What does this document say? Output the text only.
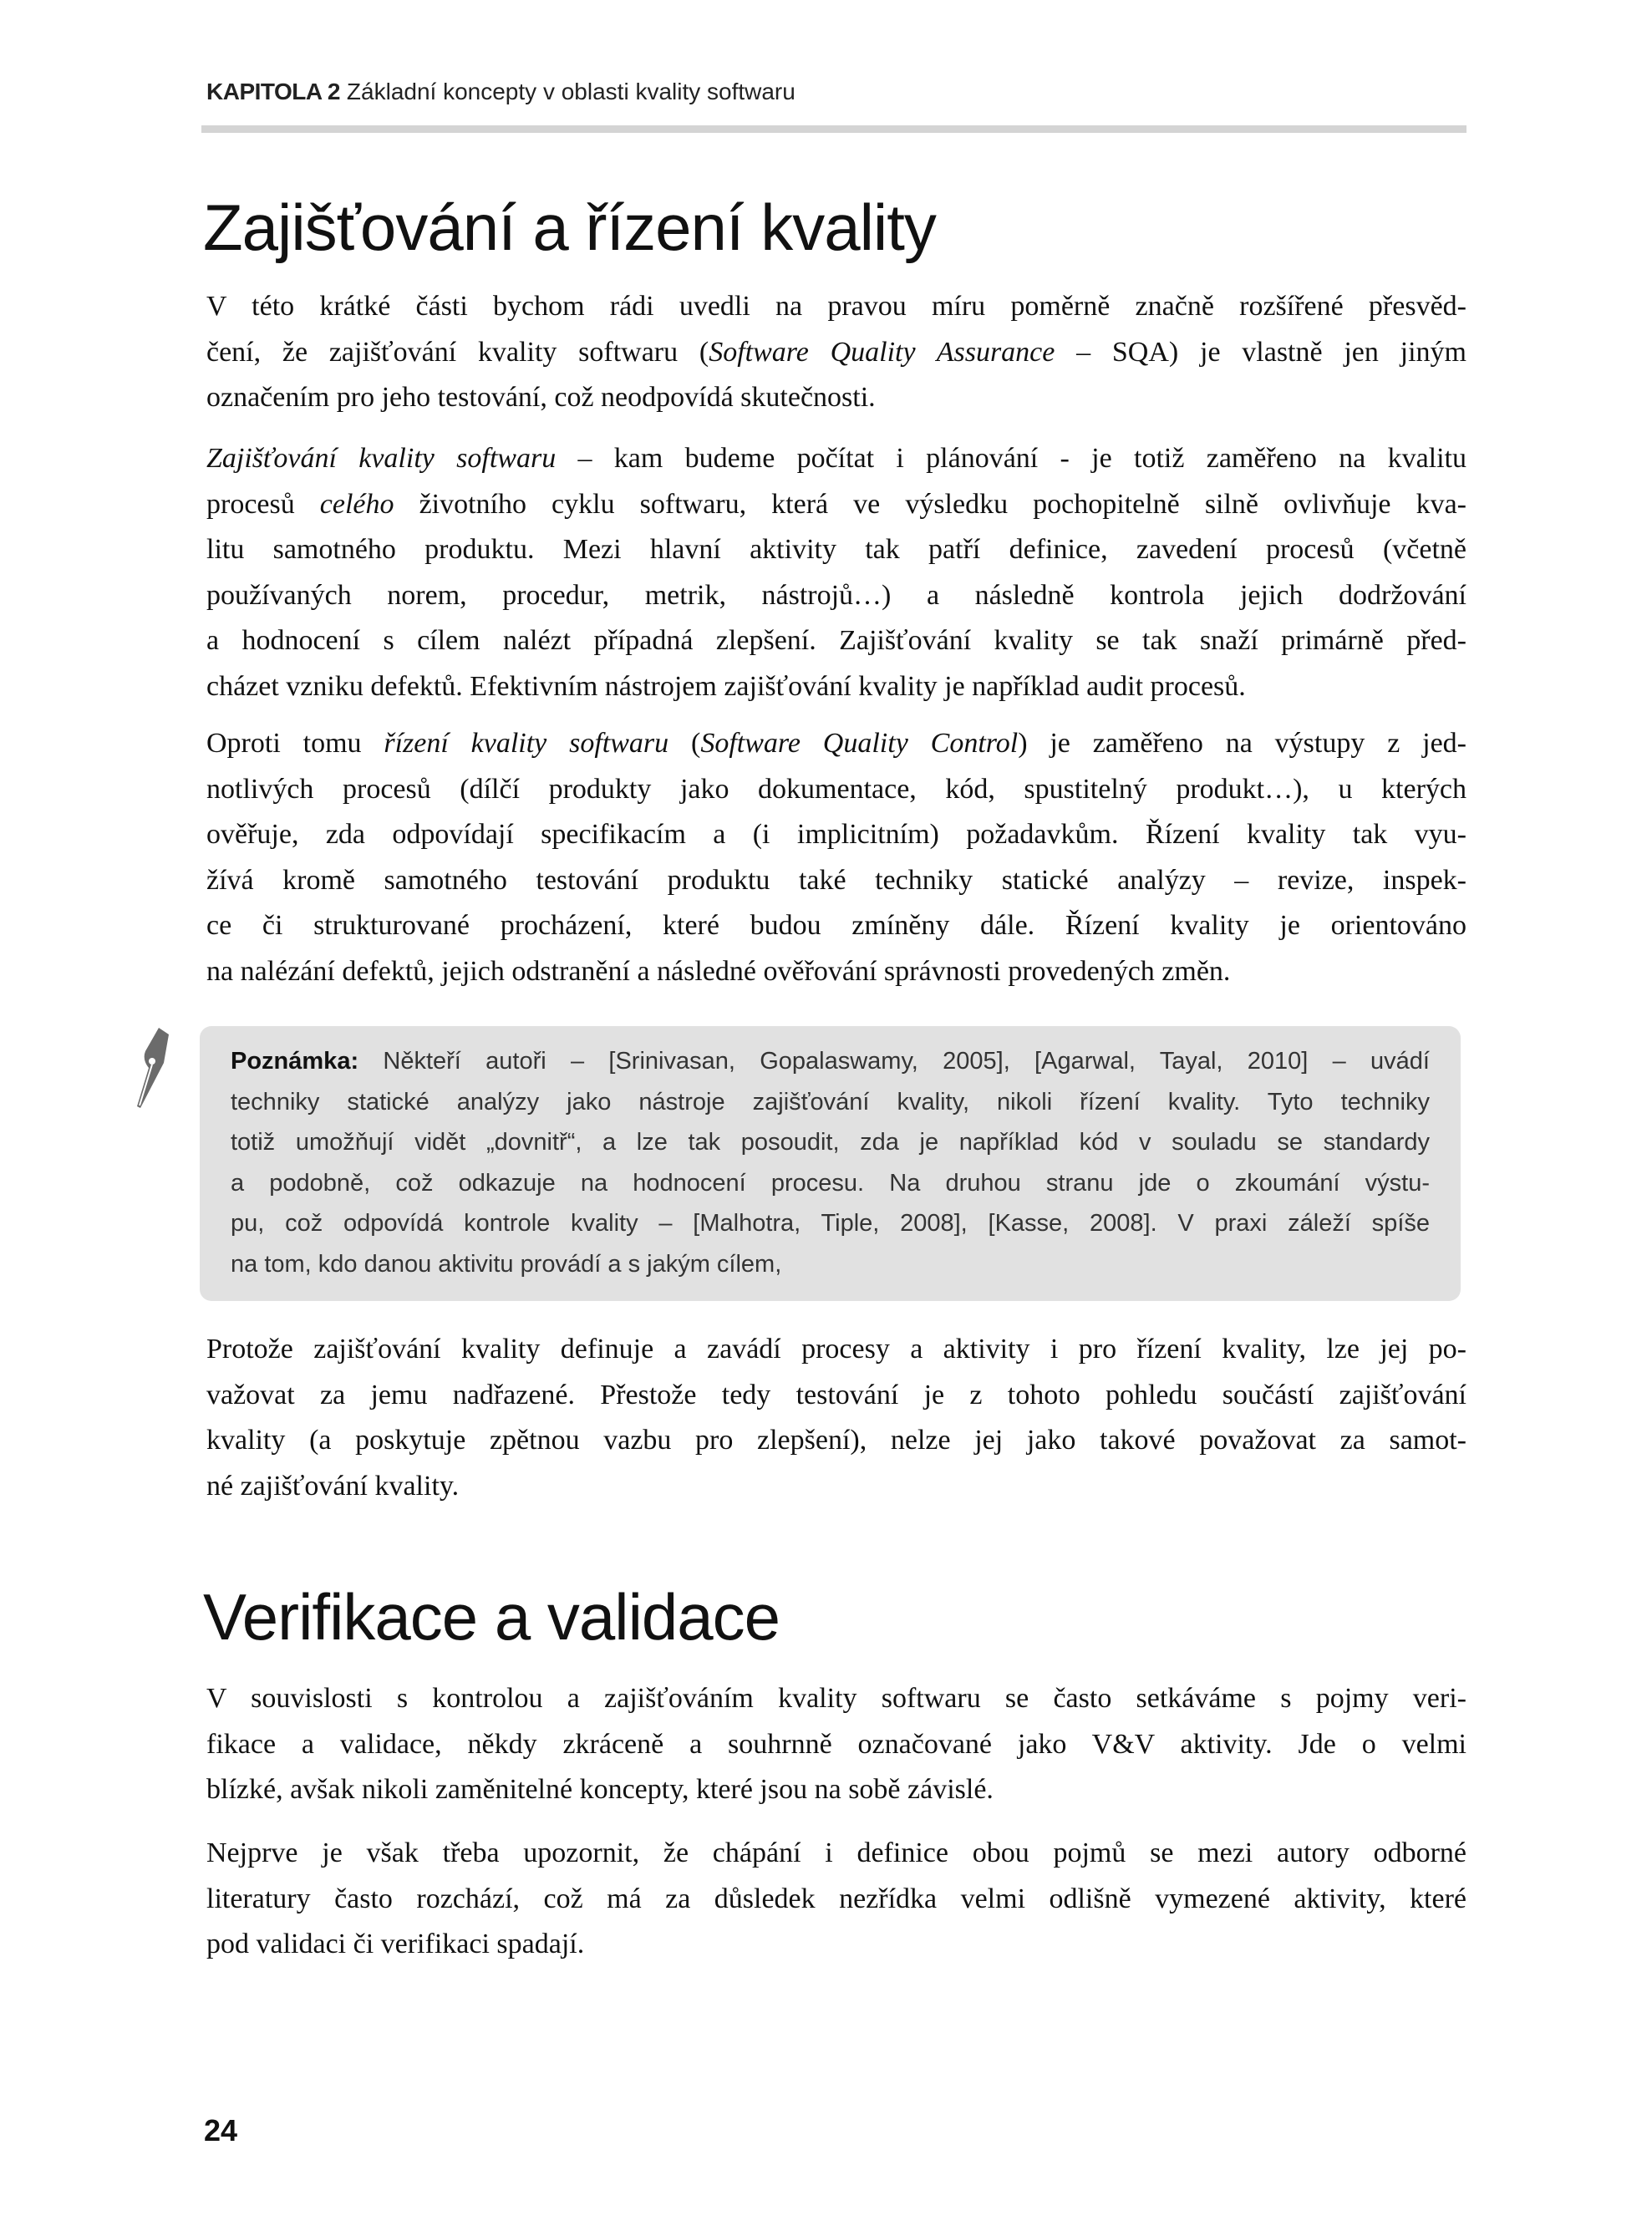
KAPITOLA 2 Základní koncepty v oblasti kvality softwaru
Zajišťování a řízení kvality
V této krátké části bychom rádi uvedli na pravou míru poměrně značně rozšířené přesvěd-
čení, že zajišťování kvality softwaru (Software Quality Assurance – SQA) je vlastně jen jiným
označením pro jeho testování, což neodpovídá skutečnosti.
Zajišťování kvality softwaru – kam budeme počítat i plánování - je totiž zaměřeno na kvalitu
procesů celého životního cyklu softwaru, která ve výsledku pochopitelně silně ovlivňuje kva-
litu samotného produktu. Mezi hlavní aktivity tak patří definice, zavedení procesů (včetně
používaných norem, procedur, metrik, nástrojů…) a následně kontrola jejich dodržování
a hodnocení s cílem nalézt případná zlepšení. Zajišťování kvality se tak snaží primárně před-
cházet vzniku defektů. Efektivním nástrojem zajišťování kvality je například audit procesů.
Oproti tomu řízení kvality softwaru (Software Quality Control) je zaměřeno na výstupy z jed-
notlivých procesů (dílčí produkty jako dokumentace, kód, spustitelný produkt…), u kterých
ověřuje, zda odpovídají specifikacím a (i implicitním) požadavkům. Řízení kvality tak vyu-
žívá kromě samotného testování produktu také techniky statické analýzy – revize, inspek-
ce či strukturované procházení, které budou zmíněny dále. Řízení kvality je orientováno
na nalézání defektů, jejich odstranění a následné ověřování správnosti provedených změn.
Poznámka: Někteří autoři – [Srinivasan, Gopalaswamy, 2005], [Agarwal, Tayal, 2010] – uvádí
techniky statické analýzy jako nástroje zajišťování kvality, nikoli řízení kvality. Tyto techniky
totiž umožňují vidět „dovnitř“, a lze tak posoudit, zda je například kód v souladu se standardy
a podobně, což odkazuje na hodnocení procesu. Na druhou stranu jde o zkoumání výstu-
pu, což odpovídá kontrole kvality – [Malhotra, Tiple, 2008], [Kasse, 2008]. V praxi záleží spíše
na tom, kdo danou aktivitu provádí a s jakým cílem,
Protože zajišťování kvality definuje a zavádí procesy a aktivity i pro řízení kvality, lze jej po-
važovat za jemu nadřazené. Přestože tedy testování je z tohoto pohledu součástí zajišťování
kvality (a poskytuje zpětnou vazbu pro zlepšení), nelze jej jako takové považovat za samot-
né zajišťování kvality.
Verifikace a validace
V souvislosti s kontrolou a zajišťováním kvality softwaru se často setkáváme s pojmy veri-
fikace a validace, někdy zkráceně a souhrnně označované jako V&V aktivity. Jde o velmi
blízké, avšak nikoli zaměnitelné koncepty, které jsou na sobě závislé.
Nejprve je však třeba upozornit, že chápání i definice obou pojmů se mezi autory odborné
literatury často rozchází, což má za důsledek nezřídka velmi odlišně vymezené aktivity, které
pod validaci či verifikaci spadají.
24
